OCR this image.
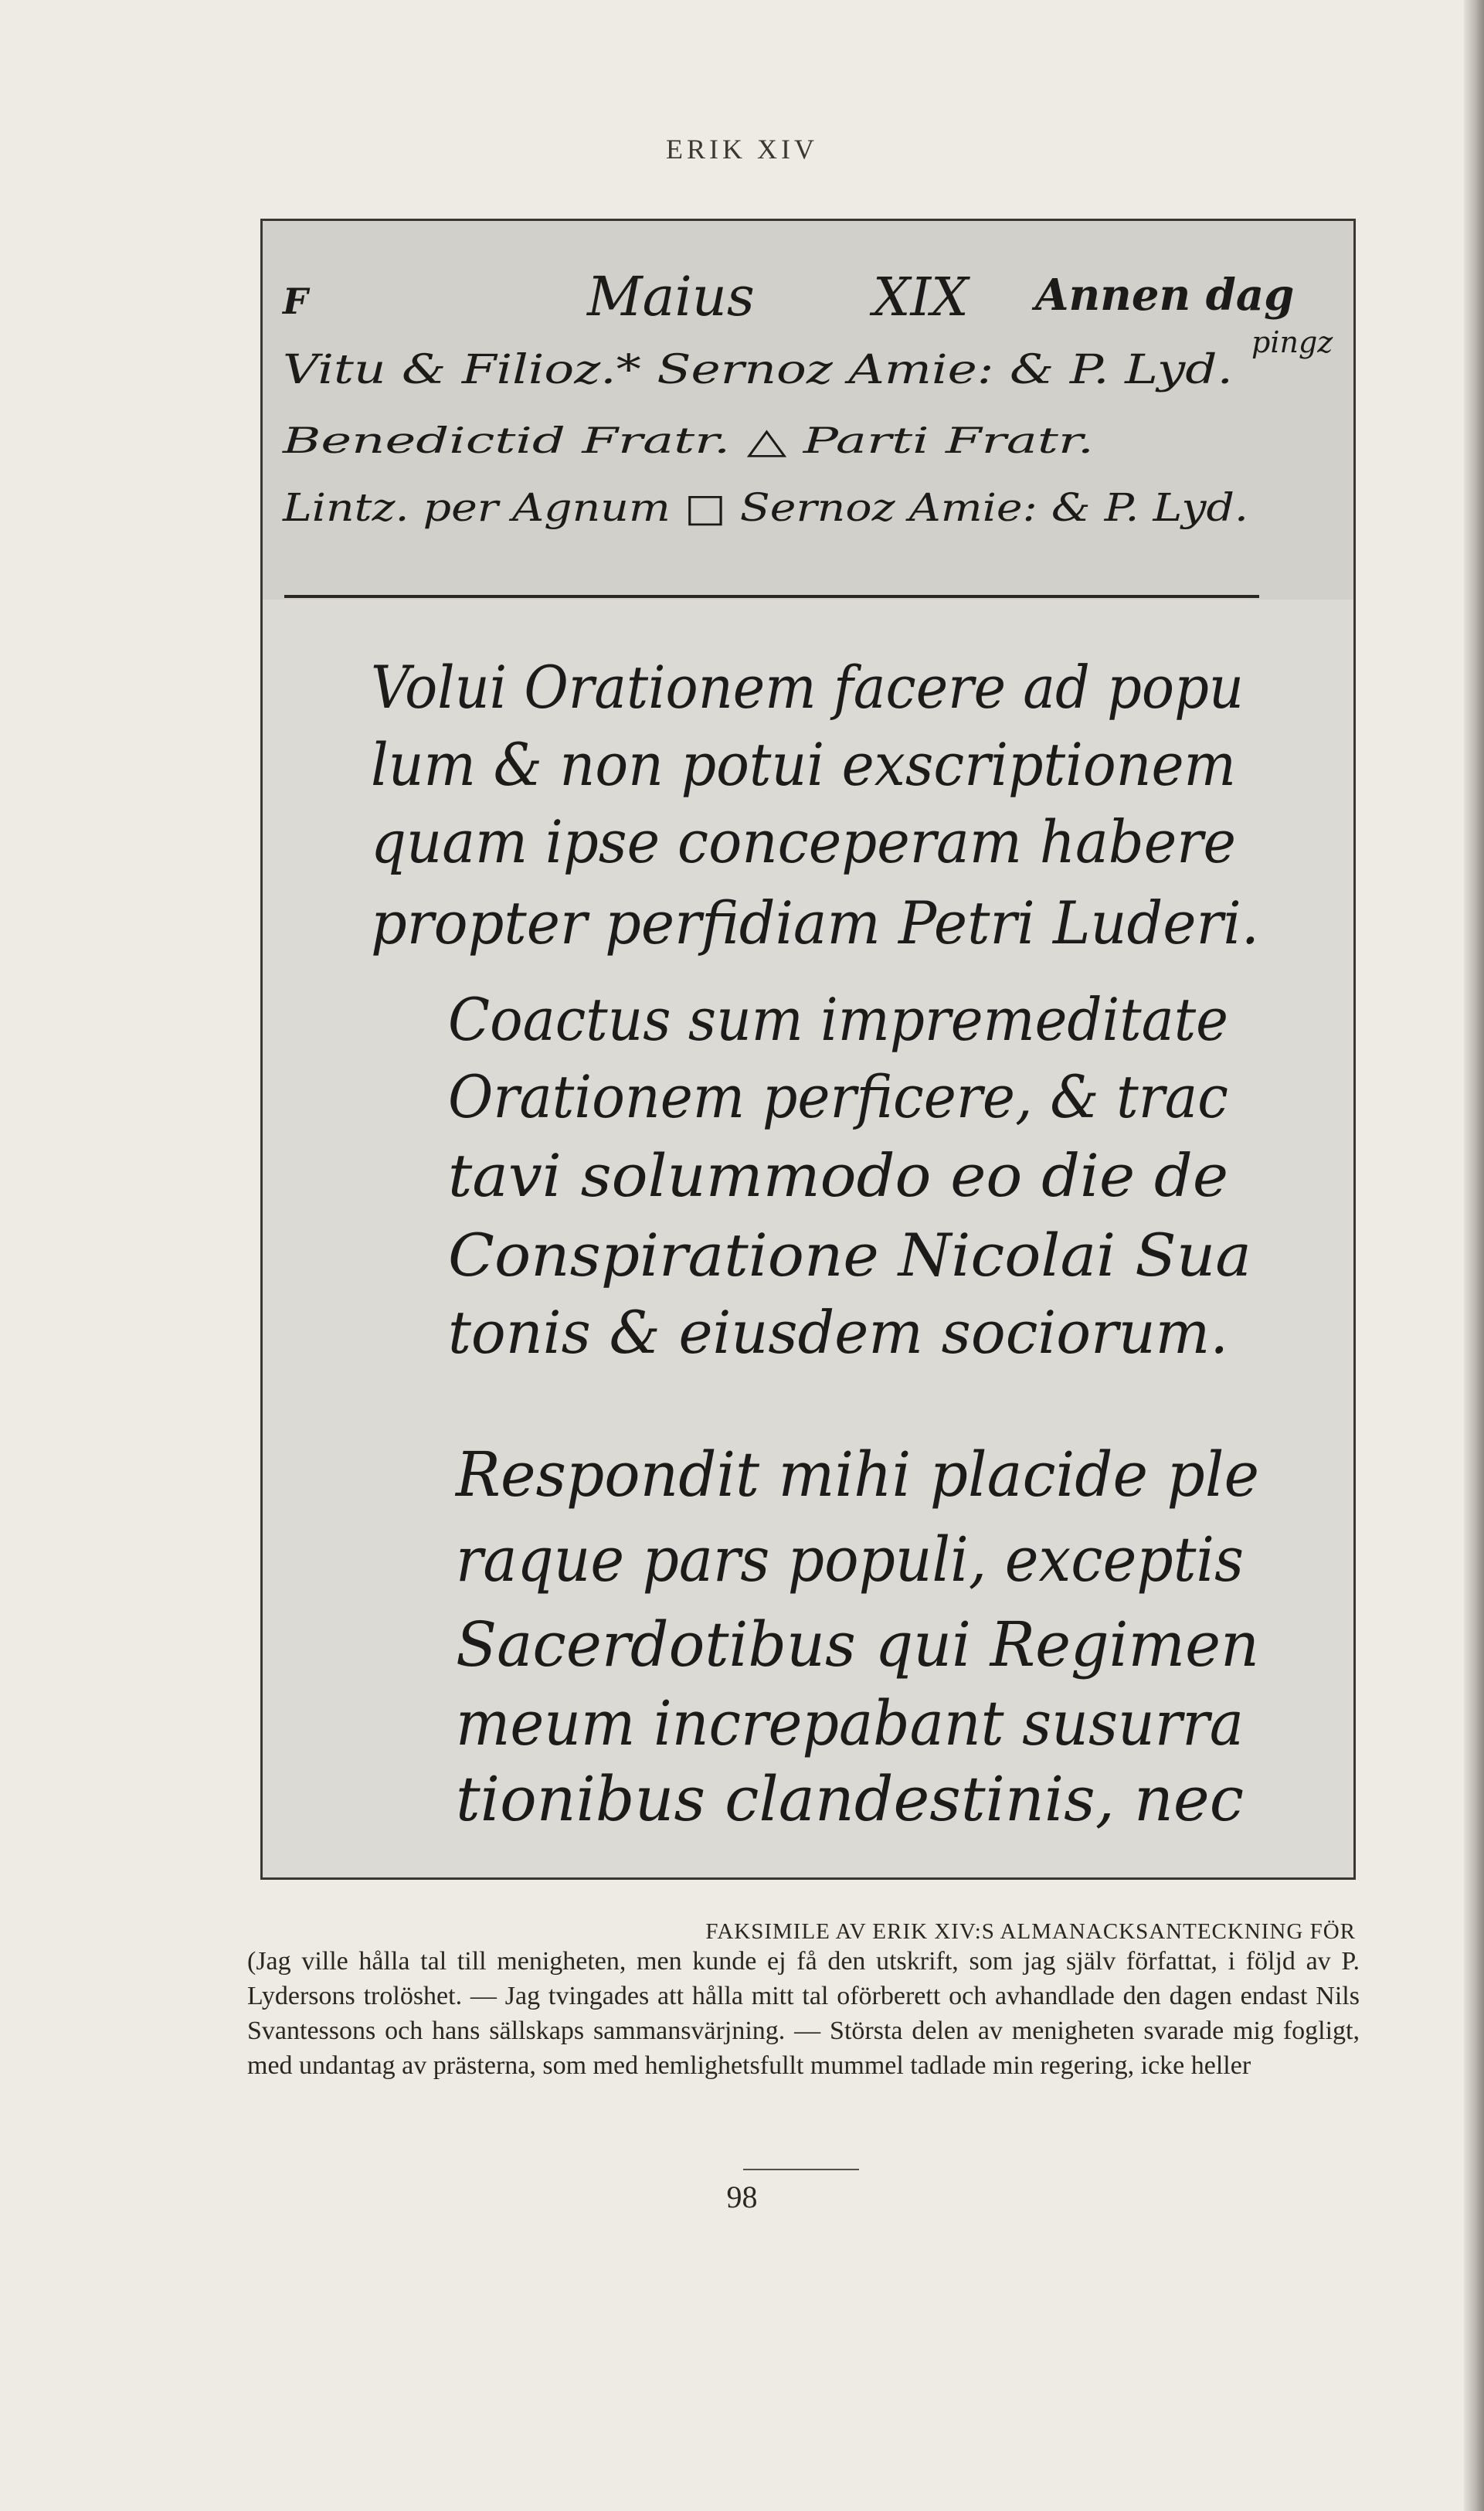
ERIK XIV
F	Maius XIX Annen dag
pingz
Vitu & Filioz.* Sernoz Amie: & P. Lyd.
Benedictid Fratr. △ Parti Fratr.
Lintz. per Agnum □ Sernoz Amie: & P. Lyd.
Volui Orationem facere ad popu
lum & non potui exscriptionem
quam ipse conceperam habere
propter perfidiam Petri Luderi.
Coactus sum impremeditate
Orationem perficere, & trac
tavi solummodo eo die de
Conspiratione Nicolai Sua
tonis & eiusdem sociorum.
Respondit mihi placide ple
raque pars populi, exceptis
Sacerdotibus qui Regimen
meum increpabant susurra
tionibus clandestinis, nec
FAKSIMILE AV ERIK XIV:S ALMANACKSANTECKNING FÖR
(Jag ville hålla tal till menigheten, men kunde ej få den utskrift, som jag själv författat, i följd av P. Lydersons trolöshet. — Jag tvingades att hålla mitt tal oförberett och avhandlade den dagen endast Nils Svantessons och hans sällskaps sammansvärjning. — Största delen av menigheten svarade mig fogligt, med undantag av prästerna, som med hemlighetsfullt mummel tadlade min regering, icke heller
98
